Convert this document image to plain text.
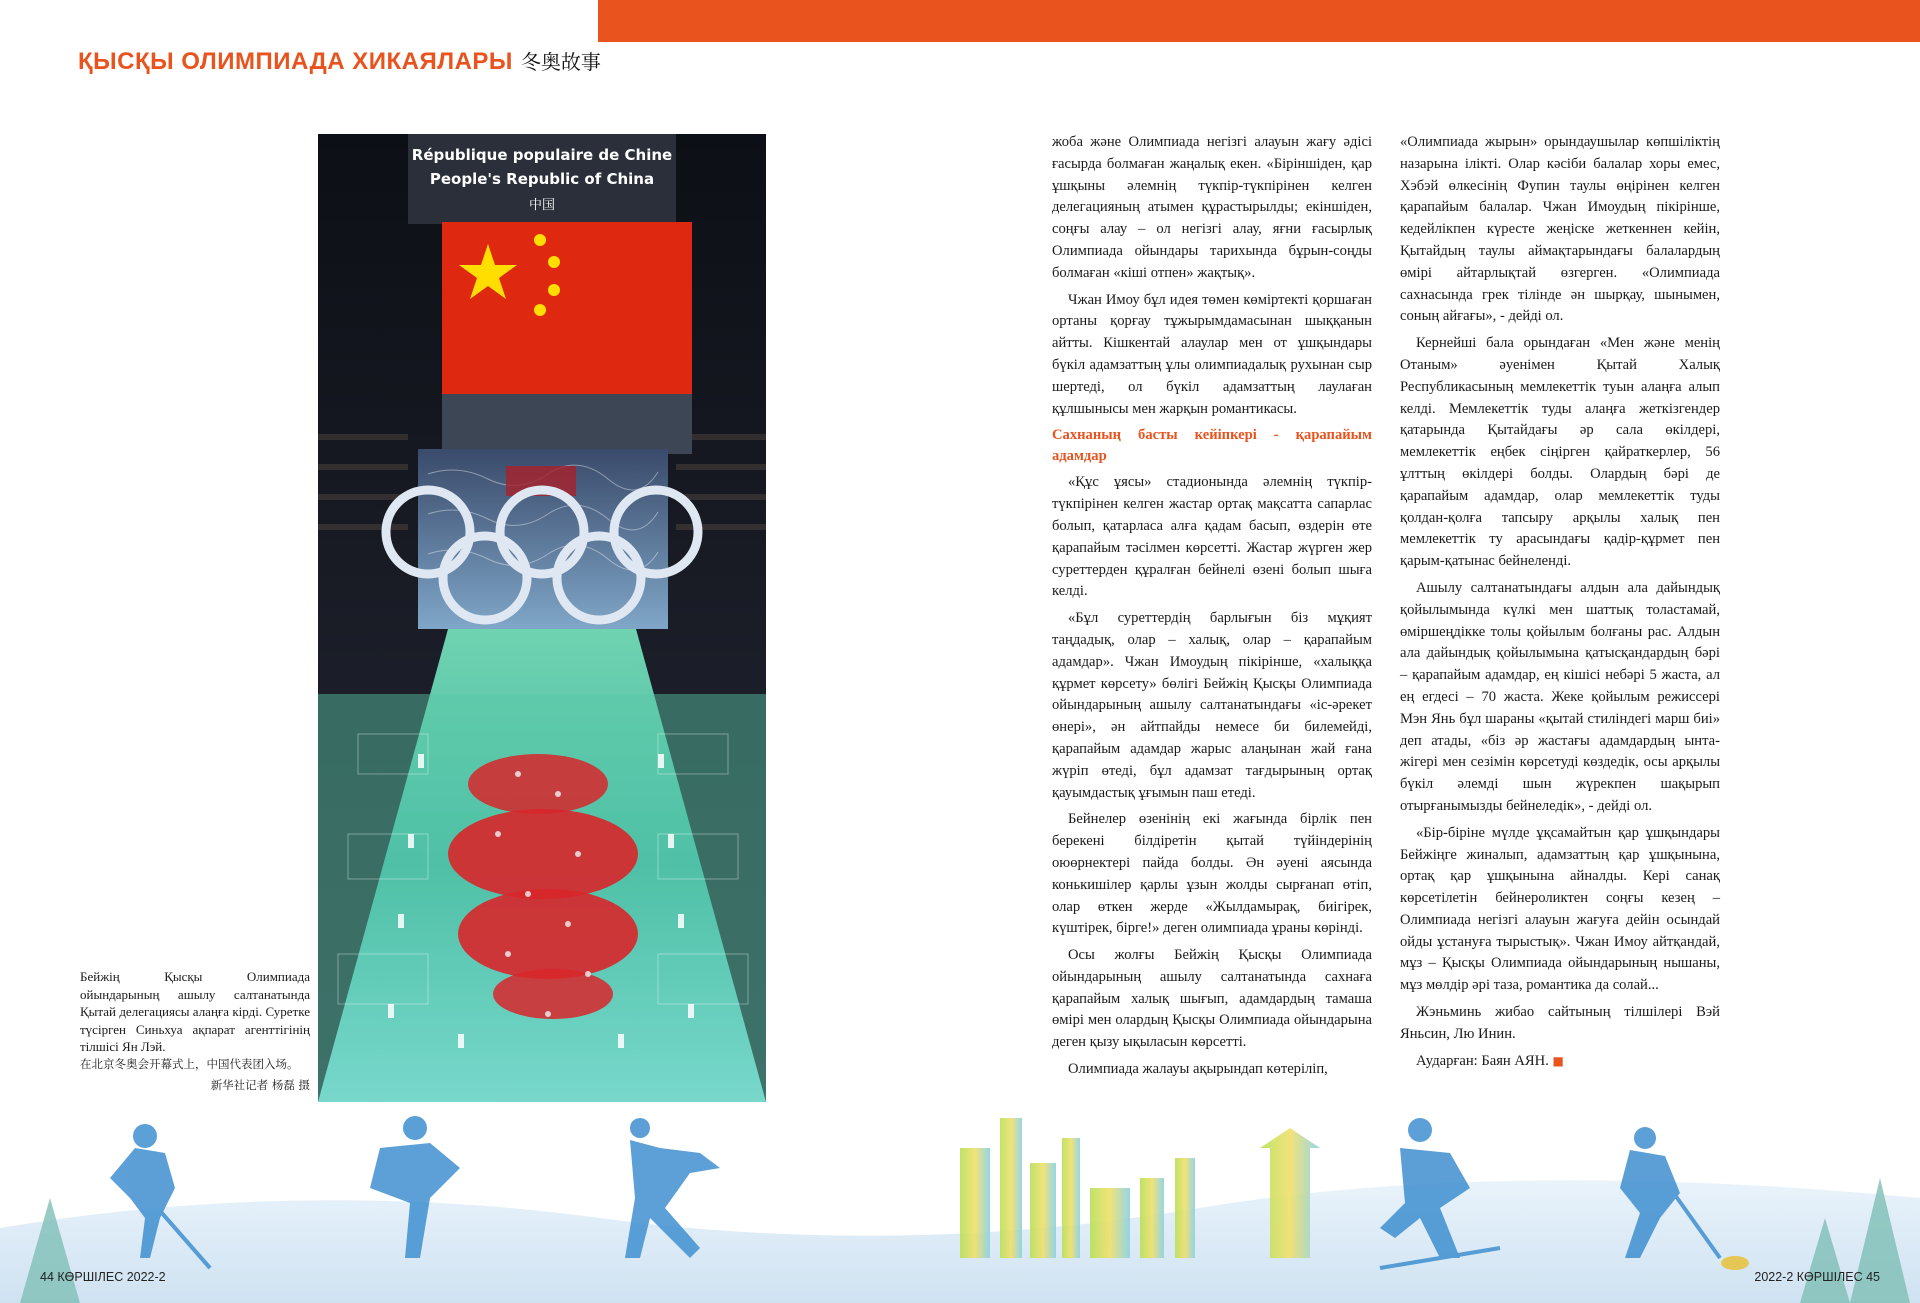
ҚЫСҚЫ ОЛИМПИАДА ХИКАЯЛАРЫ 冬奥故事
République populaire de Chine
People's Republic of China
中国

Бейжің Қысқы Олимпиада ойындарының ашылу салтанатында Қытай делегациясы алаңға кірді. Суретке түсірген Синьхуа ақпарат агенттігінің тілшісі Ян Лэй.

在北京冬奥会开幕式上，中国代表团入场。

新华社记者 杨磊 摄

жоба және Олимпиада негізгі алауын жағу әдісі ғасырда болмаған жаңалық екен. «Біріншіден, қар ұшқыны әлемнің түкпір-түкпірінен келген делегацияның атымен құрастырылды; екіншіден, соңғы алау – ол негізгі алау, яғни ғасырлық Олимпиада ойындары тарихында бұрын-соңды болмаған «кіші отпен» жақтық».

Чжан Имоу бұл идея төмен көміртекті қоршаған ортаны қорғау тұжырымдамасынан шыққанын айтты. Кішкентай алаулар мен от ұшқындары бүкіл адамзаттың ұлы олимпиадалық рухынан сыр шертеді, ол бүкіл адамзаттың лаулаған құлшынысы мен жарқын романтикасы.

Сахнаның басты кейіпкері - қарапайым адамдар

«Құс ұясы» стадионында әлемнің түкпір-түкпірінен келген жастар ортақ мақсатта сапарлас болып, қатарласа алға қадам басып, өздерін өте қарапайым тәсілмен көрсетті. Жастар жүрген жер суреттерден құралған бейнелі өзені болып шыға келді.

«Бұл суреттердің барлығын біз мұқият таңдадық, олар – халық, олар – қарапайым адамдар». Чжан Имоудың пікірінше, «халыққа құрмет көрсету» бөлігі Бейжің Қысқы Олимпиада ойындарының ашылу салтанатындағы «іс-әрекет өнері», ән айтпайды немесе би билемейді, қарапайым адамдар жарыс алаңынан жай ғана жүріп өтеді, бұл адамзат тағдырының ортақ қауымдастық ұғымын паш етеді.

Бейнелер өзенінің екі жағында бірлік пен берекені білдіретін қытай түйіндерінің оюөрнектері пайда болды. Ән әуені аясында конькишілер қарлы ұзын жолды сырғанап өтіп, олар өткен жерде «Жылдамырақ, биігірек, күштірек, бірге!» деген олимпиада ұраны көрінді.

Осы жолғы Бейжің Қысқы Олимпиада ойындарының ашылу салтанатында сахнаға қарапайым халық шығып, адамдардың тамаша өмірі мен олардың Қысқы Олимпиада ойындарына деген қызу ықыласын көрсетті.

Олимпиада жалауы ақырындап көтеріліп,

«Олимпиада жырын» орындаушылар көпшіліктің назарына ілікті. Олар кәсіби балалар хоры емес, Хэбэй өлкесінің Фупин таулы өңірінен келген қарапайым балалар. Чжан Имоудың пікірінше, кедейлікпен күресте жеңіске жеткеннен кейін, Қытайдың таулы аймақтарындағы балалардың өмірі айтарлықтай өзгерген. «Олимпиада сахнасында грек тілінде ән шырқау, шынымен, соның айғағы», - дейді ол.

Кернейші бала орындаған «Мен және менің Отаным» әуенімен Қытай Халық Республикасының мемлекеттік туын алаңға алып келді. Мемлекеттік туды алаңға жеткізгендер қатарында Қытайдағы әр сала өкілдері, мемлекеттік еңбек сіңірген қайраткерлер, 56 ұлттың өкілдері болды. Олардың бәрі де қарапайым адамдар, олар мемлекеттік туды қолдан-қолға тапсыру арқылы халық пен мемлекеттік ту арасындағы қадір-құрмет пен қарым-қатынас бейнеленді.

Ашылу салтанатындағы алдын ала дайындық қойылымында күлкі мен шаттық толастамай, өміршеңдікке толы қойылым болғаны рас. Алдын ала дайындық қойылымына қатысқандардың бәрі – қарапайым адамдар, ең кішісі небәрі 5 жаста, ал ең егдесі – 70 жаста. Жеке қойылым режиссері Мэн Янь бұл шараны «қытай стиліндегі марш биі» деп атады, «біз әр жастағы адамдардың ынта-жігері мен сезімін көрсетуді көздедік, осы арқылы бүкіл әлемді шын жүрекпен шақырып отырғанымызды бейнеледік», - дейді ол.

«Бір-біріне мүлде ұқсамайтын қар ұшқындары Бейжіңге жиналып, адамзаттың қар ұшқынына, ортақ қар ұшқынына айналды. Кері санақ көрсетілетін бейнероликтен соңғы кезең – Олимпиада негізгі алауын жағуға дейін осындай ойды ұстануға тырыстық». Чжан Имоу айтқандай, мұз – Қысқы Олимпиада ойындарының нышаны, мұз мөлдір әрі таза, романтика да солай...

Жэньминь жибао сайтының тілшілері Вэй Яньсин, Лю Инин.

Аударған: Баян АЯН. ■

44 КӨРШІЛЕС 2022-2	2022-2 КӨРШІЛЕС 45
